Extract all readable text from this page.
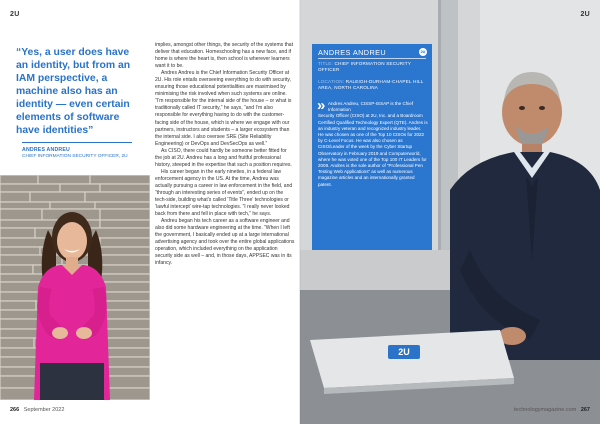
2U
“Yes, a user does have an identity, but from an IAM perspective, a machine also has an identity — even certain elements of software have identities”
ANDRES ANDREU
CHIEF INFORMATION SECURITY OFFICER, 2U

implies, amongst other things, the security of the systems that deliver that education. Homeschooling has a new face, and if home is where the heart is, then school is wherever learners want it to be.

Andres Andreu is the Chief Information Security Officer at 2U. His role entails overseeing everything to do with security, ensuring those educational potentialities are maximised by minimising the risk involved when such systems are online. “I’m responsible for the internal side of the house – or what is traditionally called IT security,” he says, “and I’m also responsible for everything having to do with the customer-facing side of the house, which is where we engage with our partners, instructors and students – a larger ecosystem than the internal side. I also oversee SRE (Site Reliability Engineering) or DevOps and DevSecOps as well.”

As CISO, there could hardly be someone better fitted for the job at 2U. Andreu has a long and fruitful professional history, steeped in the expertise that such a position requires.

His career began in the early nineties, in a federal law enforcement agency in the US. At the time, Andreu was actually pursuing a career in law enforcement in the field, and “through an interesting series of events”, ended up on the tech-side, building what’s called ‘Title Three’ technologies or ‘lawful intercept’ wire-tap technologies. “I really never looked back from there and fell in place with tech,” he says.

Andreu began his tech career as a software engineer and also did some hardware engineering at the time. “When I left the government, I basically ended up at a large international advertising agency and took over the entire global applications operation, which included everything on the application security side as well – and, in those days, APPSEC was in its infancy.

266 September 2022
2U
2U
ANDRES ANDREU	2U
TITLE: CHIEF INFORMATION SECURITY OFFICER
LOCATION: RALEIGH-DURHAM-CHAPEL HILL AREA, NORTH CAROLINA
» Andres Andreu, CISSP-ISSAP is the Chief Information
Security Officer (CISO) at 2U, Inc. and a Boardroom Certified Qualified Technology Expert (QTE). Andres is an industry veteran and recognized industry leader. He was chosen as one of the Top 10 CISOs for 2022 by C-Level Focus. He was also chosen as CISO/Leader of the week by the Cyber Startup Observatory in February 2019 and Computerworld, where he was voted one of the Top 100 IT Leaders for 2009. Andres is the sole author of “Professional Pen Testing Web Applications” as well as numerous magazine articles and an internationally granted patent.
technologymagazine.com 267
